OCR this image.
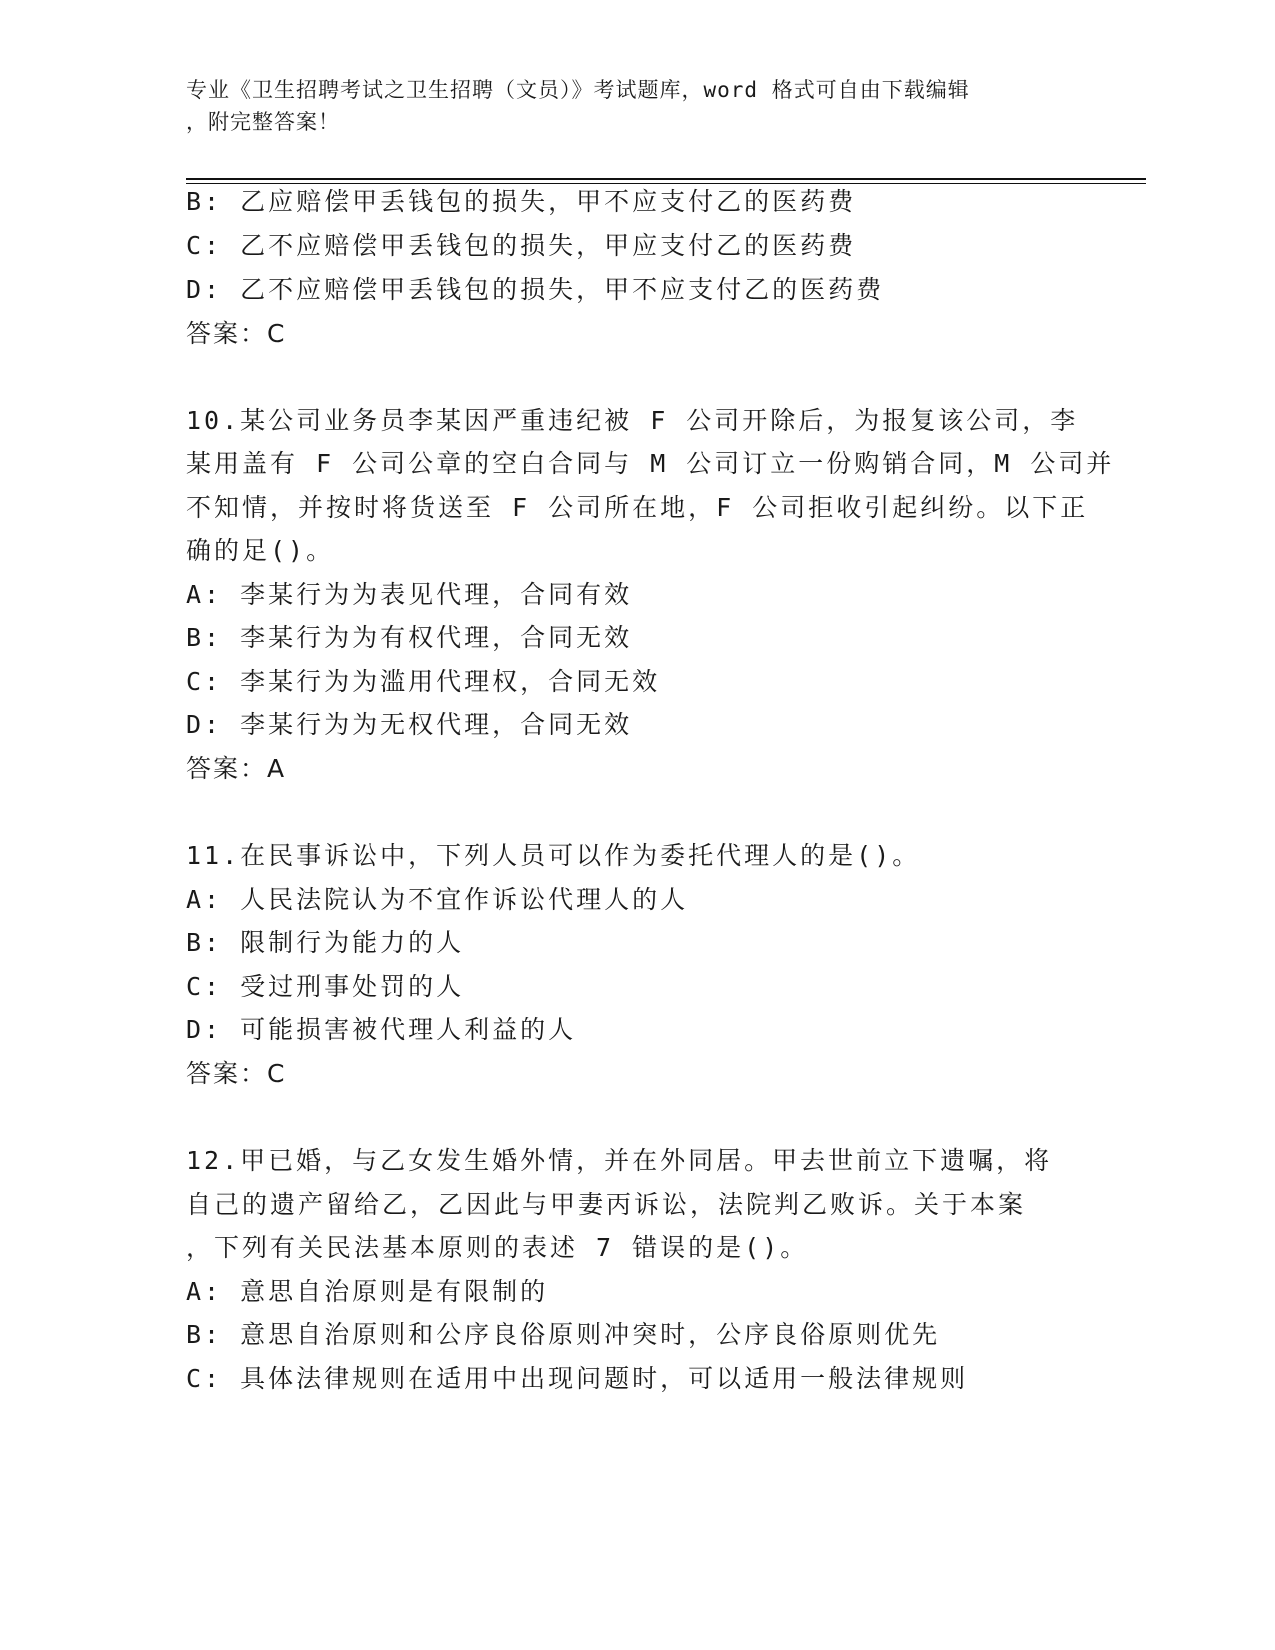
专业《卫生招聘考试之卫生招聘（文员）》考试题库，word 格式可自由下载编辑
，附完整答案！
B: 乙应赔偿甲丢钱包的损失，甲不应支付乙的医药费
C: 乙不应赔偿甲丢钱包的损失，甲应支付乙的医药费
D: 乙不应赔偿甲丢钱包的损失，甲不应支付乙的医药费
答案：C
10.某公司业务员李某因严重违纪被 F 公司开除后，为报复该公司，李
某用盖有 F 公司公章的空白合同与 M 公司订立一份购销合同，M 公司并
不知情，并按时将货送至 F 公司所在地，F 公司拒收引起纠纷。以下正
确的足()。
A: 李某行为为表见代理，合同有效
B: 李某行为为有权代理，合同无效
C: 李某行为为滥用代理权，合同无效
D: 李某行为为无权代理，合同无效
答案：A
11.在民事诉讼中，下列人员可以作为委托代理人的是()。
A: 人民法院认为不宜作诉讼代理人的人
B: 限制行为能力的人
C: 受过刑事处罚的人
D: 可能损害被代理人利益的人
答案：C
12.甲已婚，与乙女发生婚外情，并在外同居。甲去世前立下遗嘱，将
自己的遗产留给乙，乙因此与甲妻丙诉讼，法院判乙败诉。关于本案
，下列有关民法基本原则的表述 7 错误的是()。
A: 意思自治原则是有限制的
B: 意思自治原则和公序良俗原则冲突时，公序良俗原则优先
C: 具体法律规则在适用中出现问题时，可以适用一般法律规则
